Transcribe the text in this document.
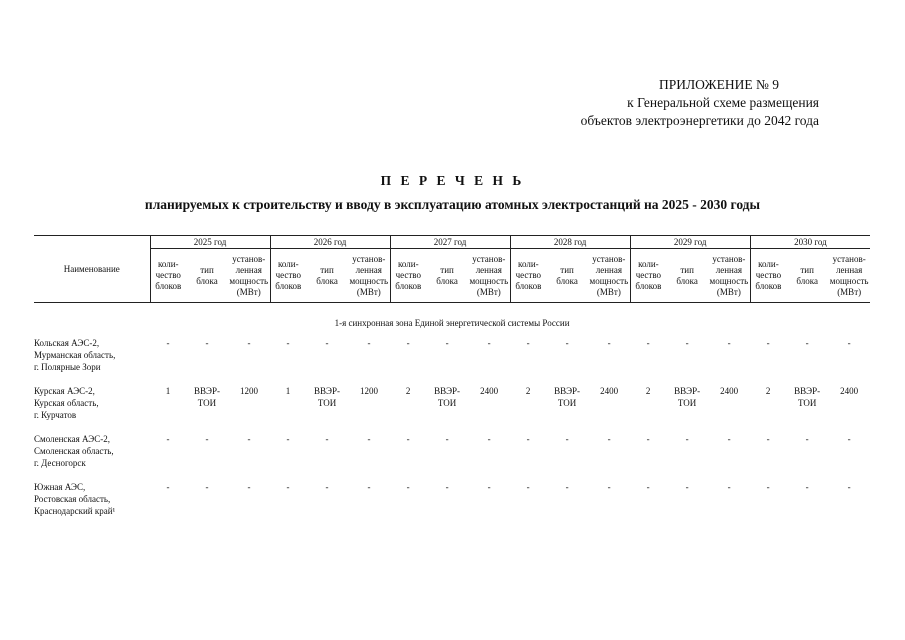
ПРИЛОЖЕНИЕ № 9
к Генеральной схеме размещения
объектов электроэнергетики до 2042 года
П Е Р Е Ч Е Н Ь
планируемых к строительству и вводу в эксплуатацию атомных электростанций на 2025 - 2030 годы
Наименование	2025 год			2026 год			2027 год			2028 год			2029 год			2030 год		
	коли-
чество
блоков	тип
блока	установ-
ленная
мощность
(МВт)	коли-
чество
блоков	тип
блока	установ-
ленная
мощность
(МВт)	коли-
чество
блоков	тип
блока	установ-
ленная
мощность
(МВт)	коли-
чество
блоков	тип
блока	установ-
ленная
мощность
(МВт)	коли-
чество
блоков	тип
блока	установ-
ленная
мощность
(МВт)	коли-
чество
блоков	тип
блока	установ-
ленная
мощность
(МВт)
1-я синхронная зона Единой энергетической системы России																		
Кольская АЭС-2,
Мурманская область,
г. Полярные Зори	-	-	-	-	-	-	-	-	-	-	-	-	-	-	-	-	-	-
Курская АЭС-2,
Курская область,
г. Курчатов	1	ВВЭР-
ТОИ	1200	1	ВВЭР-
ТОИ	1200	2	ВВЭР-
ТОИ	2400	2	ВВЭР-
ТОИ	2400	2	ВВЭР-
ТОИ	2400	2	ВВЭР-
ТОИ	2400
Смоленская АЭС-2,
Смоленская область,
г. Десногорск	-	-	-	-	-	-	-	-	-	-	-	-	-	-	-	-	-	-
Южная АЭС,
Ростовская область,
Краснодарский край¹	-	-	-	-	-	-	-	-	-	-	-	-	-	-	-	-	-	-
